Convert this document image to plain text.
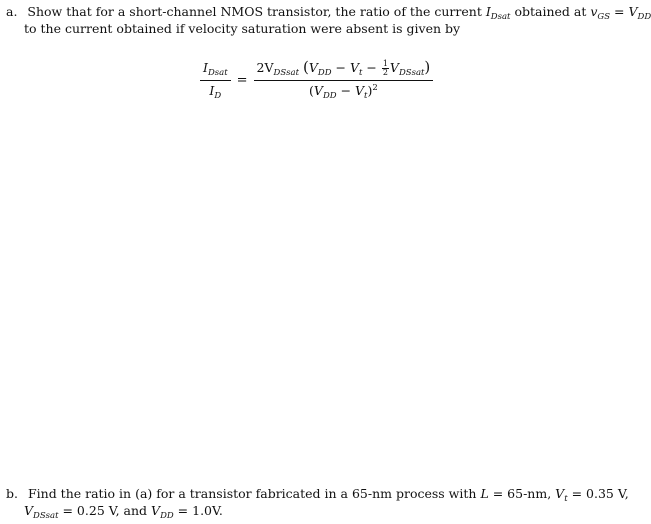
a. Show that for a short-channel NMOS transistor, the ratio of the current $I_{Dsat}$ obtained at $v_{GS} = V_{DD}$
to the current obtained if velocity saturation were absent is given by
$\frac{I_{Dsat}}{I_D} = \frac{2V_{DSsat} (V_{DD} - V_t - \frac{1}{2} V_{DSsat})}{(V_{DD} - V_t)^2}$
b. Find the ratio in (a) for a transistor fabricated in a 65-nm process with L = 65-nm, $V_t = 0.35$ V,
$V_{DSsat} = 0.25$ V, and $V_{DD} = 1.0V$.
